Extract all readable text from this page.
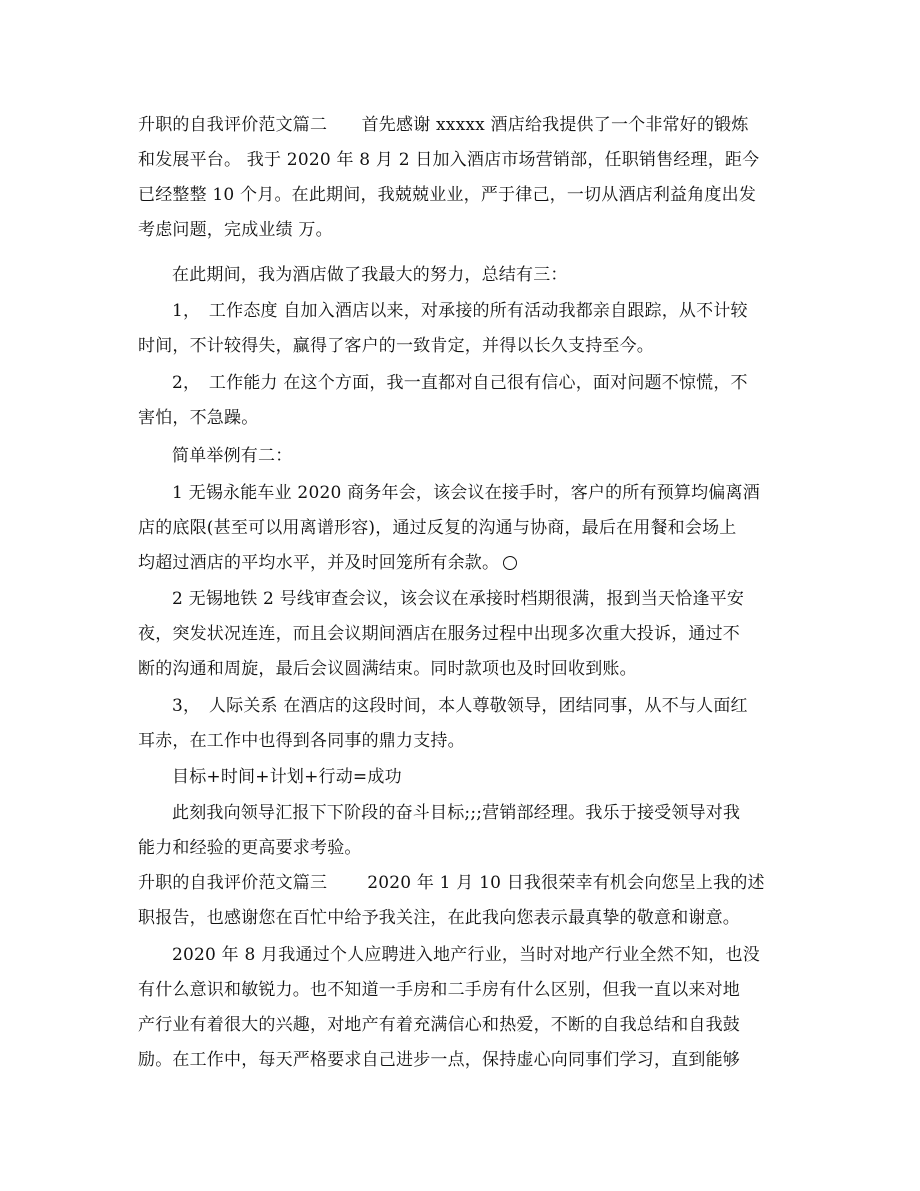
升职的自我评价范文篇二　　首先感谢 xxxxx 酒店给我提供了一个非常好的锻炼
和发展平台。 我于 2020 年 8 月 2 日加入酒店市场营销部，任职销售经理，距今
已经整整 10 个月。在此期间，我兢兢业业，严于律己，一切从酒店利益角度出发
考虑问题，完成业绩 万。
在此期间，我为酒店做了我最大的努力，总结有三：
1，　工作态度 自加入酒店以来，对承接的所有活动我都亲自跟踪，从不计较
时间，不计较得失，赢得了客户的一致肯定，并得以长久支持至今。
2，　工作能力 在这个方面，我一直都对自己很有信心，面对问题不惊慌，不
害怕，不急躁。
简单举例有二：
1 无锡永能车业 2020 商务年会，该会议在接手时，客户的所有预算均偏离酒
店的底限(甚至可以用离谱形容)，通过反复的沟通与协商，最后在用餐和会场上
均超过酒店的平均水平，并及时回笼所有余款。
2 无锡地铁 2 号线审查会议，该会议在承接时档期很满，报到当天恰逢平安
夜，突发状况连连，而且会议期间酒店在服务过程中出现多次重大投诉，通过不
断的沟通和周旋，最后会议圆满结束。同时款项也及时回收到账。
3，　人际关系 在酒店的这段时间，本人尊敬领导，团结同事，从不与人面红
耳赤，在工作中也得到各同事的鼎力支持。
目标+时间+计划+行动=成功
此刻我向领导汇报下下阶段的奋斗目标;;;营销部经理。我乐于接受领导对我
能力和经验的更高要求考验。
升职的自我评价范文篇三　　 2020 年 1 月 10 日我很荣幸有机会向您呈上我的述
职报告，也感谢您在百忙中给予我关注，在此我向您表示最真挚的敬意和谢意。
2020 年 8 月我通过个人应聘进入地产行业，当时对地产行业全然不知，也没
有什么意识和敏锐力。也不知道一手房和二手房有什么区别，但我一直以来对地
产行业有着很大的兴趣，对地产有着充满信心和热爱，不断的自我总结和自我鼓
励。在工作中，每天严格要求自己进步一点，保持虚心向同事们学习，直到能够
